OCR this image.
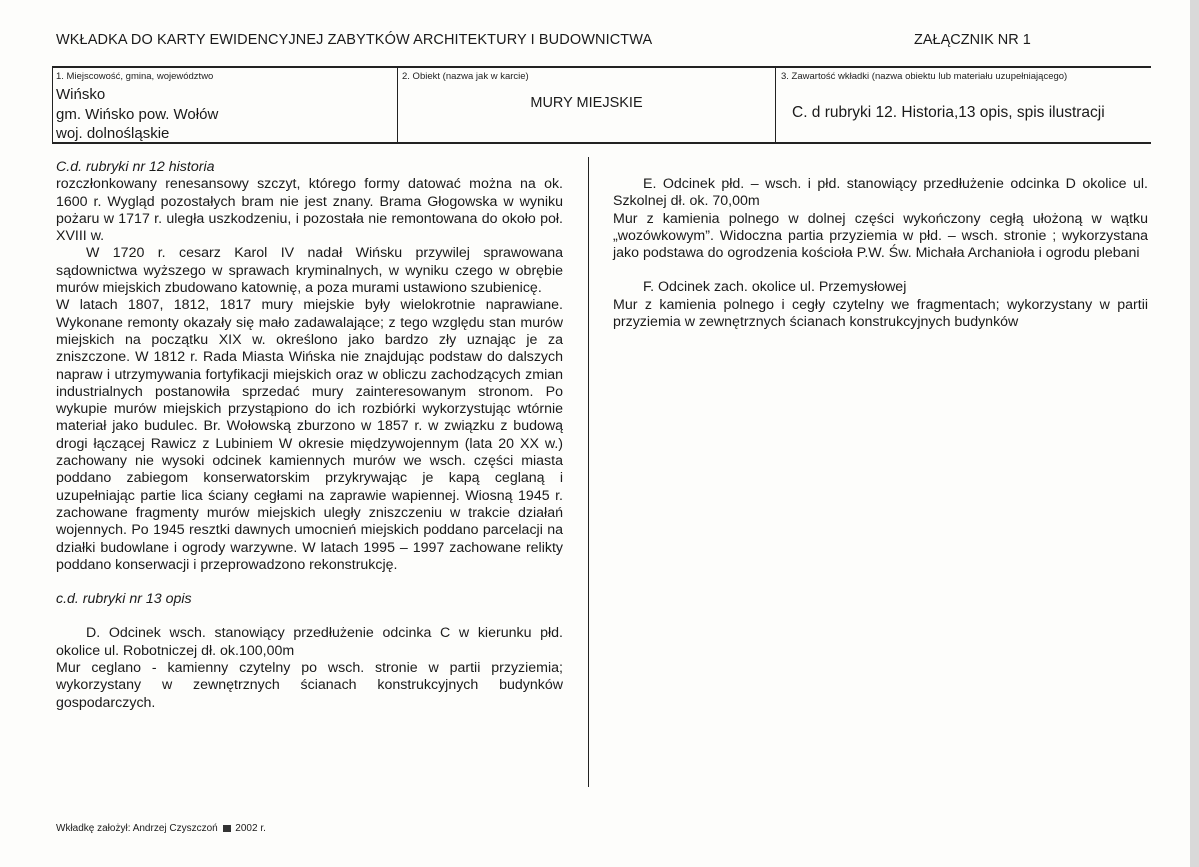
WKŁADKA DO KARTY EWIDENCYJNEJ ZABYTKÓW ARCHITEKTURY I BUDOWNICTWA	ZAŁĄCZNIK NR 1
1. Miejscowość, gmina, województwo
Wińsko
gm. Wińsko pow. Wołów
woj. dolnośląskie
2. Obiekt (nazwa jak w karcie)
MURY MIEJSKIE
3. Zawartość wkładki (nazwa obiektu lub materiału uzupełniającego)
C. d rubryki 12. Historia,13 opis, spis ilustracji

C.d. rubryki nr 12 historia

rozczłonkowany renesansowy szczyt, którego formy datować można na ok. 1600 r. Wygląd pozostałych bram nie jest znany. Brama Głogowska w wyniku pożaru w 1717 r. uległa uszkodzeniu, i pozostała nie remontowana do około poł. XVIII w.

W 1720 r. cesarz Karol IV nadał Wińsku przywilej sprawowana sądownictwa wyższego w sprawach kryminalnych, w wyniku czego w obrębie murów miejskich zbudowano katownię, a poza murami ustawiono szubienicę.

W latach 1807, 1812, 1817 mury miejskie były wielokrotnie naprawiane. Wykonane remonty okazały się mało zadawalające; z tego względu stan murów miejskich na początku XIX w. określono jako bardzo zły uznając je za zniszczone. W 1812 r. Rada Miasta Wińska nie znajdując podstaw do dalszych napraw i utrzymywania fortyfikacji miejskich oraz w obliczu zachodzących zmian industrialnych postanowiła sprzedać mury zainteresowanym stronom. Po wykupie murów miejskich przystąpiono do ich rozbiórki wykorzystując wtórnie materiał jako budulec. Br. Wołowską zburzono w 1857 r. w związku z budową drogi łączącej Rawicz z Lubiniem W okresie międzywojennym (lata 20 XX w.) zachowany nie wysoki odcinek kamiennych murów we wsch. części miasta poddano zabiegom konserwatorskim przykrywając je kapą ceglaną i uzupełniając partie lica ściany cegłami na zaprawie wapiennej. Wiosną 1945 r. zachowane fragmenty murów miejskich uległy zniszczeniu w trakcie działań wojennych. Po 1945 resztki dawnych umocnień miejskich poddano parcelacji na działki budowlane i ogrody warzywne. W latach 1995 – 1997 zachowane relikty poddano konserwacji i przeprowadzono rekonstrukcję.

c.d. rubryki nr 13 opis

D. Odcinek wsch. stanowiący przedłużenie odcinka C w kierunku płd. okolice ul. Robotniczej dł. ok.100,00m

Mur ceglano - kamienny czytelny po wsch. stronie w partii przyziemia; wykorzystany w zewnętrznych ścianach konstrukcyjnych budynków gospodarczych.

E. Odcinek płd. – wsch. i płd. stanowiący przedłużenie odcinka D okolice ul. Szkolnej dł. ok. 70,00m

Mur z kamienia polnego w dolnej części wykończony cegłą ułożoną w wątku „wozówkowym”. Widoczna partia przyziemia w płd. – wsch. stronie ; wykorzystana jako podstawa do ogrodzenia kościoła P.W. Św. Michała Archanioła i ogrodu plebani

F. Odcinek zach. okolice ul. Przemysłowej

Mur z kamienia polnego i cegły czytelny we fragmentach; wykorzystany w partii przyziemia w zewnętrznych ścianach konstrukcyjnych budynków

Wkładkę założył: Andrzej Czyszczoń 2002 r.
